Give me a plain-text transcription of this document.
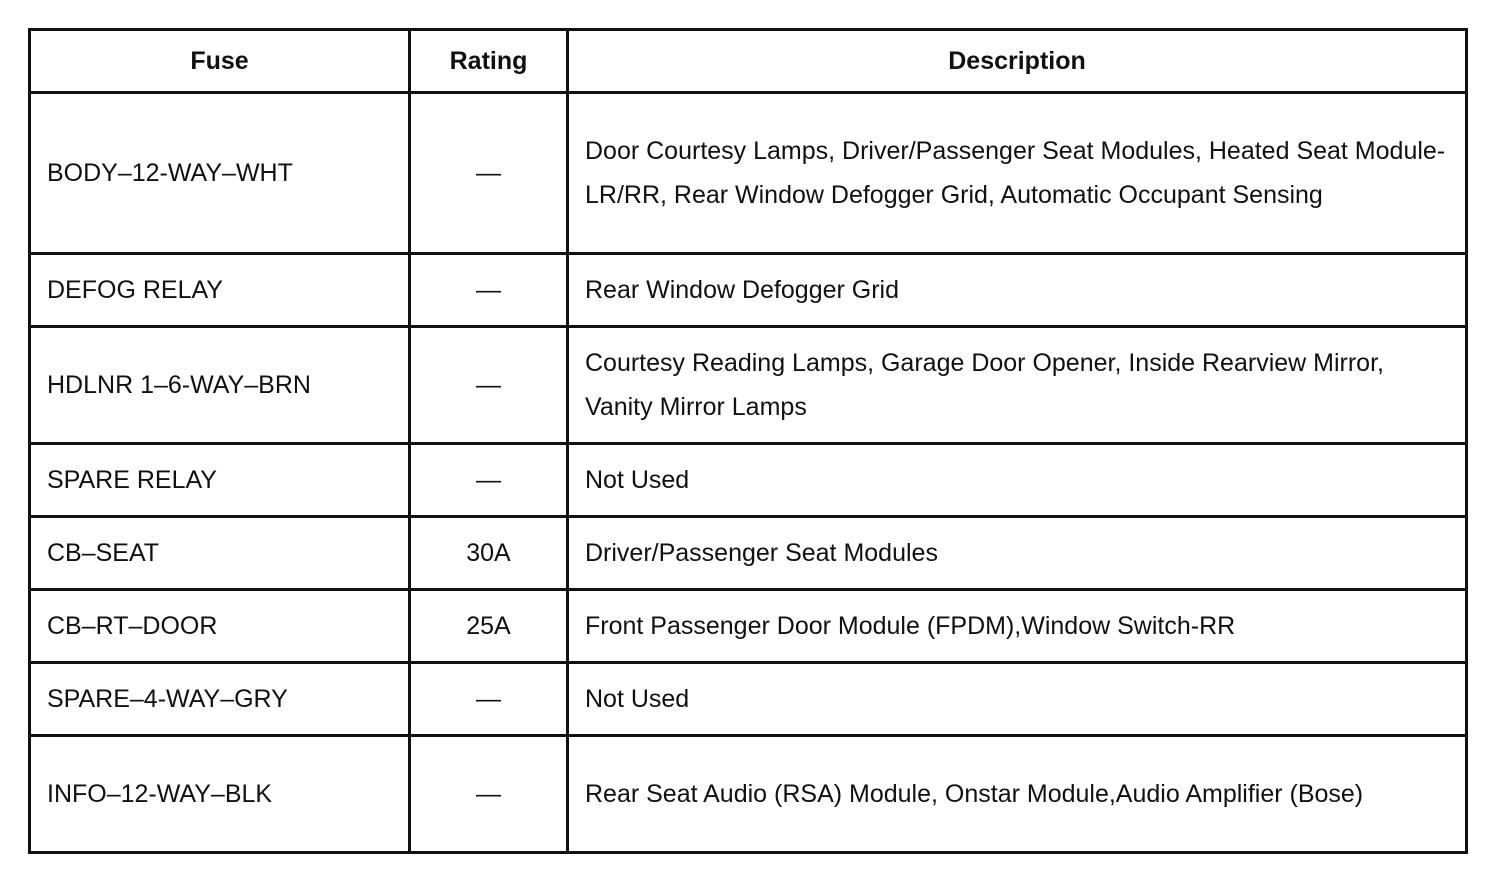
Fuse	Rating	Description
BODY–12-WAY–WHT	—	Door Courtesy Lamps, Driver/Passenger Seat Modules, Heated Seat Module-LR/RR, Rear Window Defogger Grid, Automatic Occupant Sensing
DEFOG RELAY	—	Rear Window Defogger Grid
HDLNR 1–6-WAY–BRN	—	Courtesy Reading Lamps, Garage Door Opener, Inside Rearview Mirror, Vanity Mirror Lamps
SPARE RELAY	—	Not Used
CB–SEAT	30A	Driver/Passenger Seat Modules
CB–RT–DOOR	25A	Front Passenger Door Module (FPDM),Window Switch-RR
SPARE–4-WAY–GRY	—	Not Used
INFO–12-WAY–BLK	—	Rear Seat Audio (RSA) Module, Onstar Module,Audio Amplifier (Bose)
